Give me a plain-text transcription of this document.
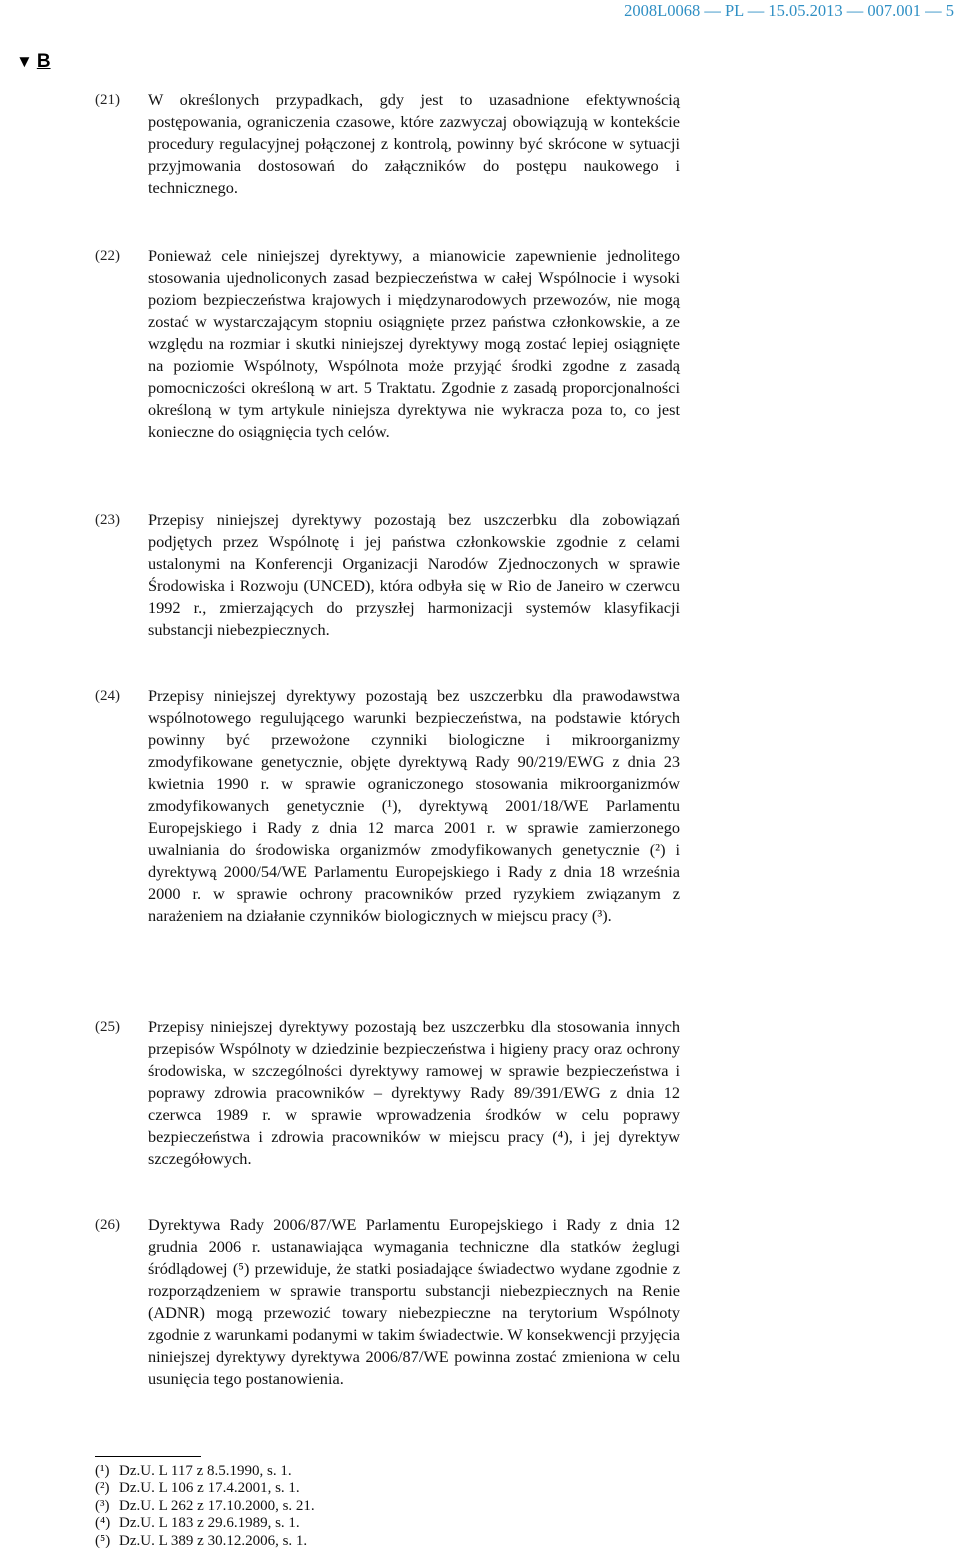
2008L0068 — PL — 15.05.2013 — 007.001 — 5
▼ B
(21)	W określonych przypadkach, gdy jest to uzasadnione efektywnością postępowania, ograniczenia czasowe, które zazwyczaj obowiązują w kontekście procedury regulacyjnej połączonej z kontrolą, powinny być skrócone w sytuacji przyjmowania dostosowań do załączników do postępu naukowego i technicznego.
(22)	Ponieważ cele niniejszej dyrektywy, a mianowicie zapewnienie jednolitego stosowania ujednoliconych zasad bezpieczeństwa w całej Wspólnocie i wysoki poziom bezpieczeństwa krajowych i międzynarodowych przewozów, nie mogą zostać w wystarczającym stopniu osiągnięte przez państwa członkowskie, a ze względu na rozmiar i skutki niniejszej dyrektywy mogą zostać lepiej osiągnięte na poziomie Wspólnoty, Wspólnota może przyjąć środki zgodne z zasadą pomocniczości określoną w art. 5 Traktatu. Zgodnie z zasadą proporcjonalności określoną w tym artykule niniejsza dyrektywa nie wykracza poza to, co jest konieczne do osiągnięcia tych celów.
(23)	Przepisy niniejszej dyrektywy pozostają bez uszczerbku dla zobowiązań podjętych przez Wspólnotę i jej państwa członkowskie zgodnie z celami ustalonymi na Konferencji Organizacji Narodów Zjednoczonych w sprawie Środowiska i Rozwoju (UNCED), która odbyła się w Rio de Janeiro w czerwcu 1992 r., zmierzających do przyszłej harmonizacji systemów klasyfikacji substancji niebezpiecznych.
(24)	Przepisy niniejszej dyrektywy pozostają bez uszczerbku dla prawodawstwa wspólnotowego regulującego warunki bezpieczeństwa, na podstawie których powinny być przewożone czynniki biologiczne i mikroorganizmy zmodyfikowane genetycznie, objęte dyrektywą Rady 90/219/EWG z dnia 23 kwietnia 1990 r. w sprawie ograniczonego stosowania mikroorganizmów zmodyfikowanych genetycznie (¹), dyrektywą 2001/18/WE Parlamentu Europejskiego i Rady z dnia 12 marca 2001 r. w sprawie zamierzonego uwalniania do środowiska organizmów zmodyfikowanych genetycznie (²) i dyrektywą 2000/54/WE Parlamentu Europejskiego i Rady z dnia 18 września 2000 r. w sprawie ochrony pracowników przed ryzykiem związanym z narażeniem na działanie czynników biologicznych w miejscu pracy (³).
(25)	Przepisy niniejszej dyrektywy pozostają bez uszczerbku dla stosowania innych przepisów Wspólnoty w dziedzinie bezpieczeństwa i higieny pracy oraz ochrony środowiska, w szczególności dyrektywy ramowej w sprawie bezpieczeństwa i poprawy zdrowia pracowników – dyrektywy Rady 89/391/EWG z dnia 12 czerwca 1989 r. w sprawie wprowadzenia środków w celu poprawy bezpieczeństwa i zdrowia pracowników w miejscu pracy (⁴), i jej dyrektyw szczegółowych.
(26)	Dyrektywa Rady 2006/87/WE Parlamentu Europejskiego i Rady z dnia 12 grudnia 2006 r. ustanawiająca wymagania techniczne dla statków żeglugi śródlądowej (⁵) przewiduje, że statki posiadające świadectwo wydane zgodnie z rozporządzeniem w sprawie transportu substancji niebezpiecznych na Renie (ADNR) mogą przewozić towary niebezpieczne na terytorium Wspólnoty zgodnie z warunkami podanymi w takim świadectwie. W konsekwencji przyjęcia niniejszej dyrektywy dyrektywa 2006/87/WE powinna zostać zmieniona w celu usunięcia tego postanowienia.
(¹) Dz.U. L 117 z 8.5.1990, s. 1.
(²) Dz.U. L 106 z 17.4.2001, s. 1.
(³) Dz.U. L 262 z 17.10.2000, s. 21.
(⁴) Dz.U. L 183 z 29.6.1989, s. 1.
(⁵) Dz.U. L 389 z 30.12.2006, s. 1.
